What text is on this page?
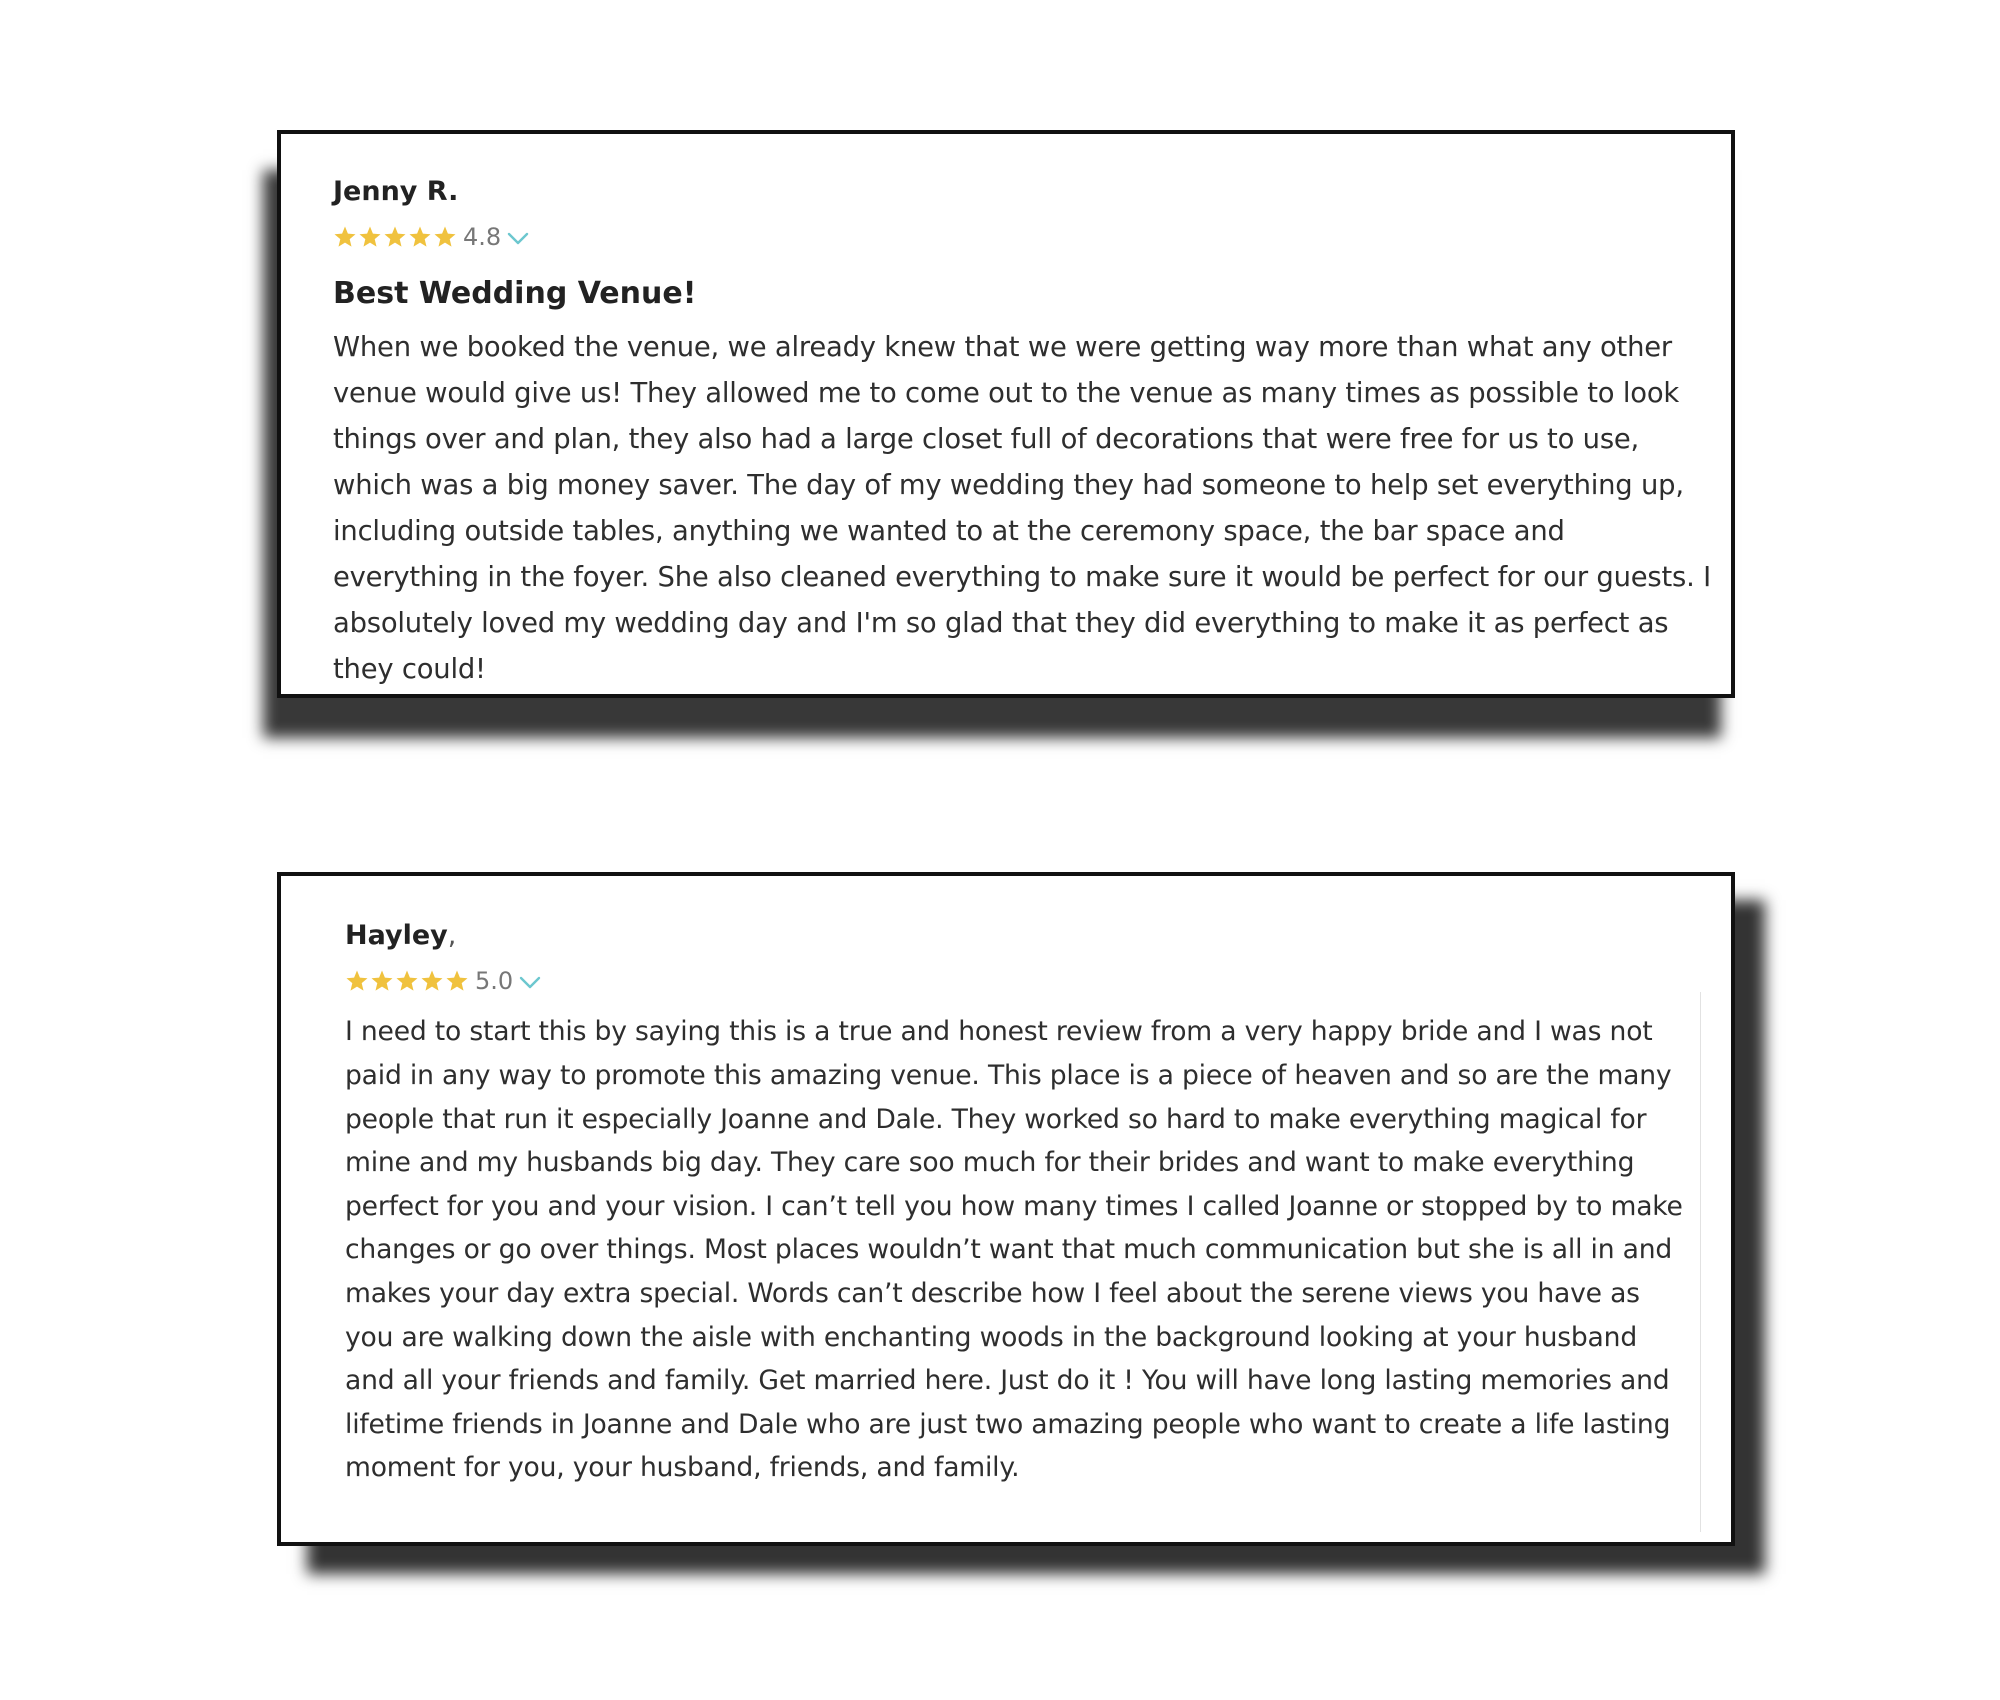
Jenny R.
4.8
Best Wedding Venue!

When we booked the venue, we already knew that we were getting way more than what any other venue would give us! They allowed me to come out to the venue as many times as possible to look things over and plan, they also had a large closet full of decorations that were free for us to use, which was a big money saver. The day of my wedding they had someone to help set everything up, including outside tables, anything we wanted to at the ceremony space, the bar space and everything in the foyer. She also cleaned everything to make sure it would be perfect for our guests. I absolutely loved my wedding day and I'm so glad that they did everything to make it as perfect as they could!

Hayley,
5.0

I need to start this by saying this is a true and honest review from a very happy bride and I was not paid in any way to promote this amazing venue. This place is a piece of heaven and so are the many people that run it especially Joanne and Dale. They worked so hard to make everything magical for mine and my husbands big day. They care soo much for their brides and want to make everything perfect for you and your vision. I can’t tell you how many times I called Joanne or stopped by to make changes or go over things. Most places wouldn’t want that much communication but she is all in and makes your day extra special. Words can’t describe how I feel about the serene views you have as you are walking down the aisle with enchanting woods in the background looking at your husband and all your friends and family. Get married here. Just do it ! You will have long lasting memories and lifetime friends in Joanne and Dale who are just two amazing people who want to create a life lasting moment for you, your husband, friends, and family.
